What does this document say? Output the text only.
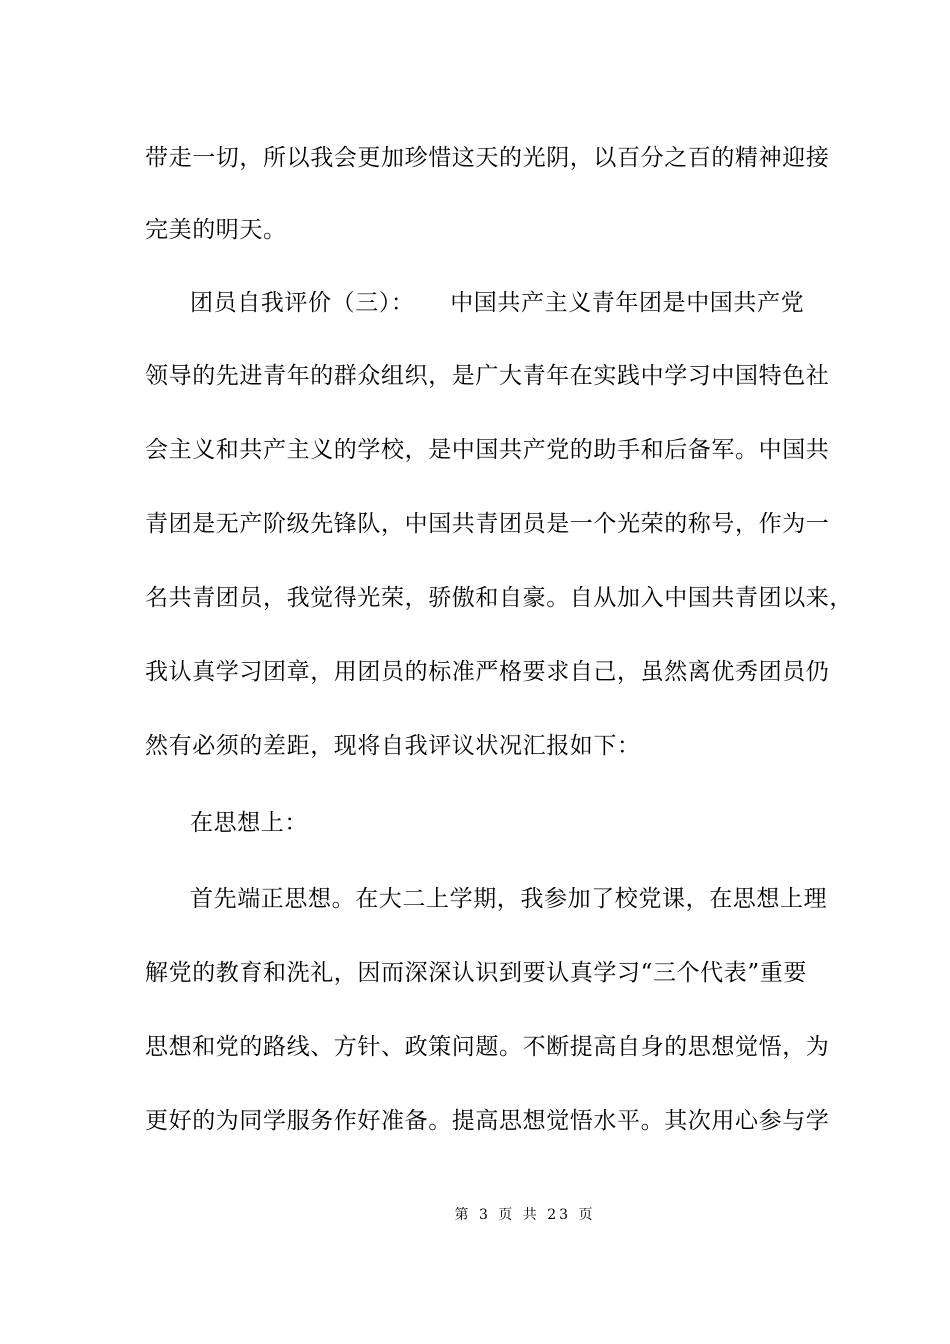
带走一切，所以我会更加珍惜这天的光阴，以百分之百的精神迎接
完美的明天。
团员自我评价（三）：　　中国共产主义青年团是中国共产党
领导的先进青年的群众组织，是广大青年在实践中学习中国特色社
会主义和共产主义的学校，是中国共产党的助手和后备军。中国共
青团是无产阶级先锋队，中国共青团员是一个光荣的称号，作为一
名共青团员，我觉得光荣，骄傲和自豪。自从加入中国共青团以来，
我认真学习团章，用团员的标准严格要求自己，虽然离优秀团员仍
然有必须的差距，现将自我评议状况汇报如下：
在思想上：
首先端正思想。在大二上学期，我参加了校党课，在思想上理
解党的教育和洗礼，因而深深认识到要认真学习“三个代表”重要
思想和党的路线、方针、政策问题。不断提高自身的思想觉悟，为
更好的为同学服务作好准备。提高思想觉悟水平。其次用心参与学
第 3 页 共 23 页
